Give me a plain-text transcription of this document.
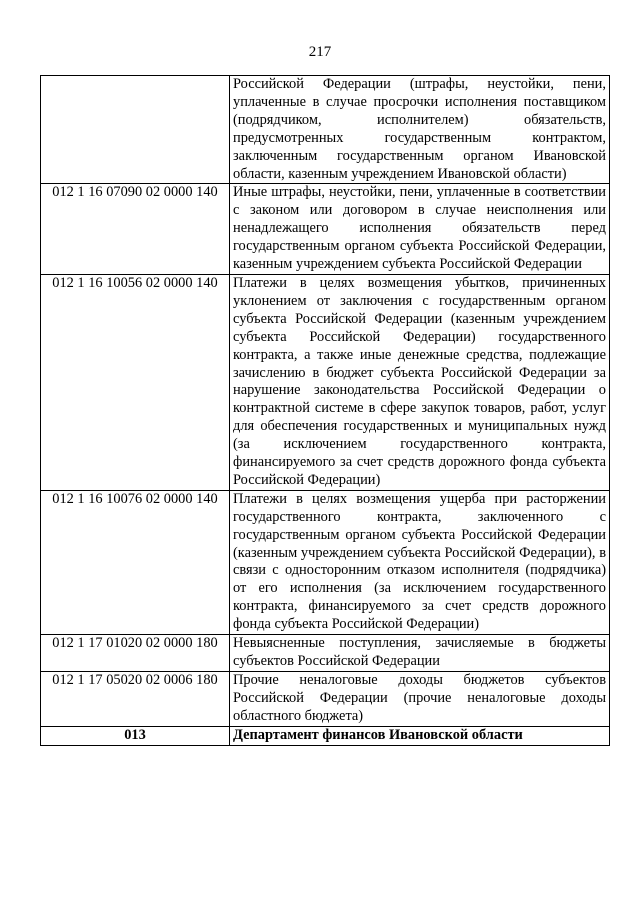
217
	Российской Федерации (штрафы, неустойки, пени, уплаченные в случае просрочки исполнения поставщиком (подрядчиком, исполнителем) обязательств, предусмотренных государственным контрактом, заключенным государственным органом Ивановской области, казенным учреждением Ивановской области)
012 1 16 07090 02 0000 140	Иные штрафы, неустойки, пени, уплаченные в соответствии с законом или договором в случае неисполнения или ненадлежащего исполнения обязательств перед государственным органом субъекта Российской Федерации, казенным учреждением субъекта Российской Федерации
012 1 16 10056 02 0000 140	Платежи в целях возмещения убытков, причиненных уклонением от заключения с государственным органом субъекта Российской Федерации (казенным учреждением субъекта Российской Федерации) государственного контракта, а также иные денежные средства, подлежащие зачислению в бюджет субъекта Российской Федерации за нарушение законодательства Российской Федерации о контрактной системе в сфере закупок товаров, работ, услуг для обеспечения государственных и муниципальных нужд (за исключением государственного контракта, финансируемого за счет средств дорожного фонда субъекта Российской Федерации)
012 1 16 10076 02 0000 140	Платежи в целях возмещения ущерба при расторжении государственного контракта, заключенного с государственным органом субъекта Российской Федерации (казенным учреждением субъекта Российской Федерации), в связи с односторонним отказом исполнителя (подрядчика) от его исполнения (за исключением государственного контракта, финансируемого за счет средств дорожного фонда субъекта Российской Федерации)
012 1 17 01020 02 0000 180	Невыясненные поступления, зачисляемые в бюджеты субъектов Российской Федерации
012 1 17 05020 02 0006 180	Прочие неналоговые доходы бюджетов субъектов Российской Федерации (прочие неналоговые доходы областного бюджета)
013	Департамент финансов Ивановской области
